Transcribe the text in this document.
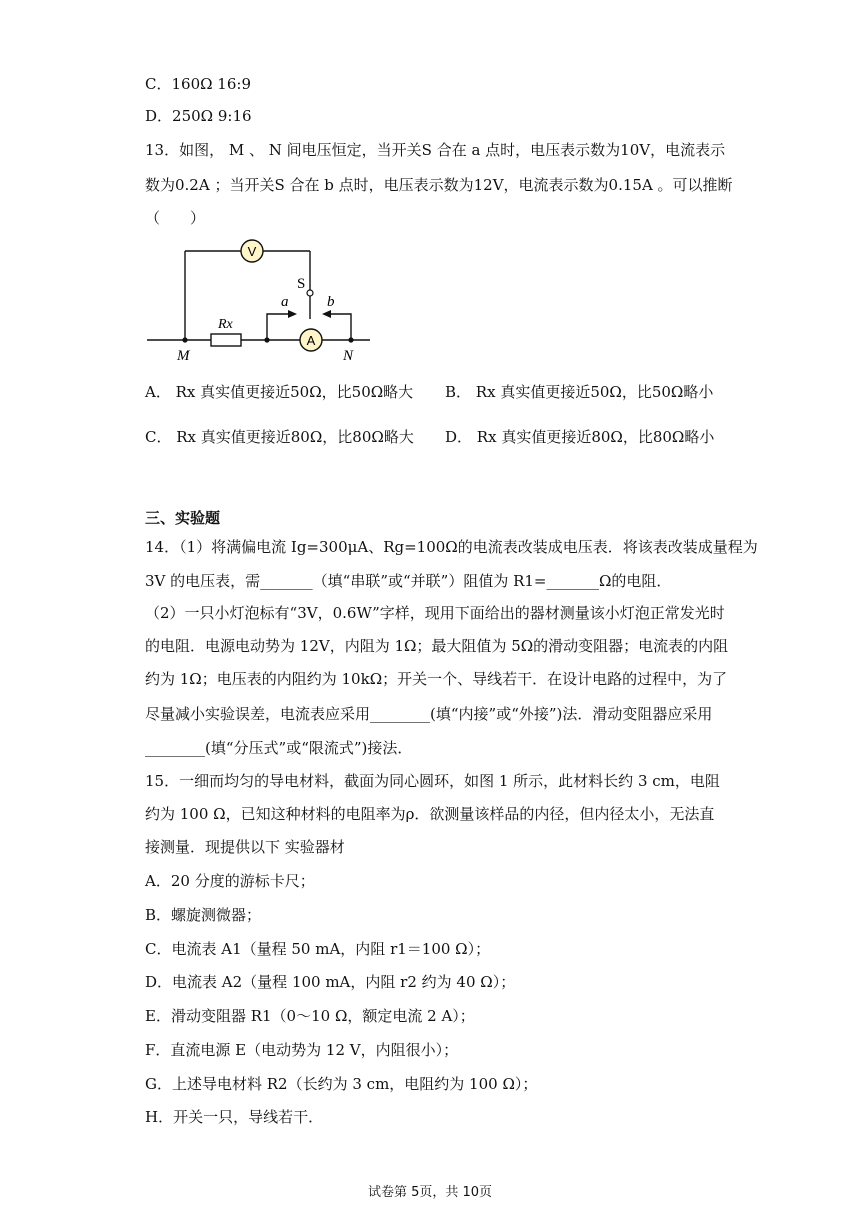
C．160Ω 16:9
D．250Ω 9:16
13．如图， M 、 N 间电压恒定，当开关S 合在 a 点时，电压表示数为10V，电流表示
数为0.2A ；当开关S 合在 b 点时，电压表示数为12V，电流表示数为0.15A 。可以推断
（　　）
V
A
S
a	b
Rx
M	N
A． Rx 真实值更接近50Ω，比50Ω略大 B． Rx 真实值更接近50Ω，比50Ω略小
C． Rx 真实值更接近80Ω，比80Ω略大 D． Rx 真实值更接近80Ω，比80Ω略小
三、实验题
14．（1）将满偏电流 Ig=300μA、Rg=100Ω的电流表改装成电压表．将该表改装成量程为
3V 的电压表，需_______（填“串联”或“并联”）阻值为 R1=_______Ω的电阻．
（2）一只小灯泡标有“3V，0.6W”字样，现用下面给出的器材测量该小灯泡正常发光时
的电阻．电源电动势为 12V，内阻为 1Ω；最大阻值为 5Ω的滑动变阻器；电流表的内阻
约为 1Ω；电压表的内阻约为 10kΩ；开关一个、导线若干．在设计电路的过程中，为了
尽量减小实验误差，电流表应采用________(填“内接”或“外接”)法．滑动变阻器应采用
________(填“分压式”或“限流式”)接法．
15．一细而均匀的导电材料，截面为同心圆环，如图 1 所示，此材料长约 3 cm，电阻
约为 100 Ω，已知这种材料的电阻率为ρ．欲测量该样品的内径，但内径太小，无法直
接测量．现提供以下 实验器材
A．20 分度的游标卡尺；
B．螺旋测微器；
C．电流表 A1（量程 50 mA，内阻 r1＝100 Ω）；
D．电流表 A2（量程 100 mA，内阻 r2 约为 40 Ω）；
E．滑动变阻器 R1（0～10 Ω，额定电流 2 A）；
F．直流电源 E（电动势为 12 V，内阻很小）；
G．上述导电材料 R2（长约为 3 cm，电阻约为 100 Ω）；
H．开关一只，导线若干．
试卷第 5页，共 10页
